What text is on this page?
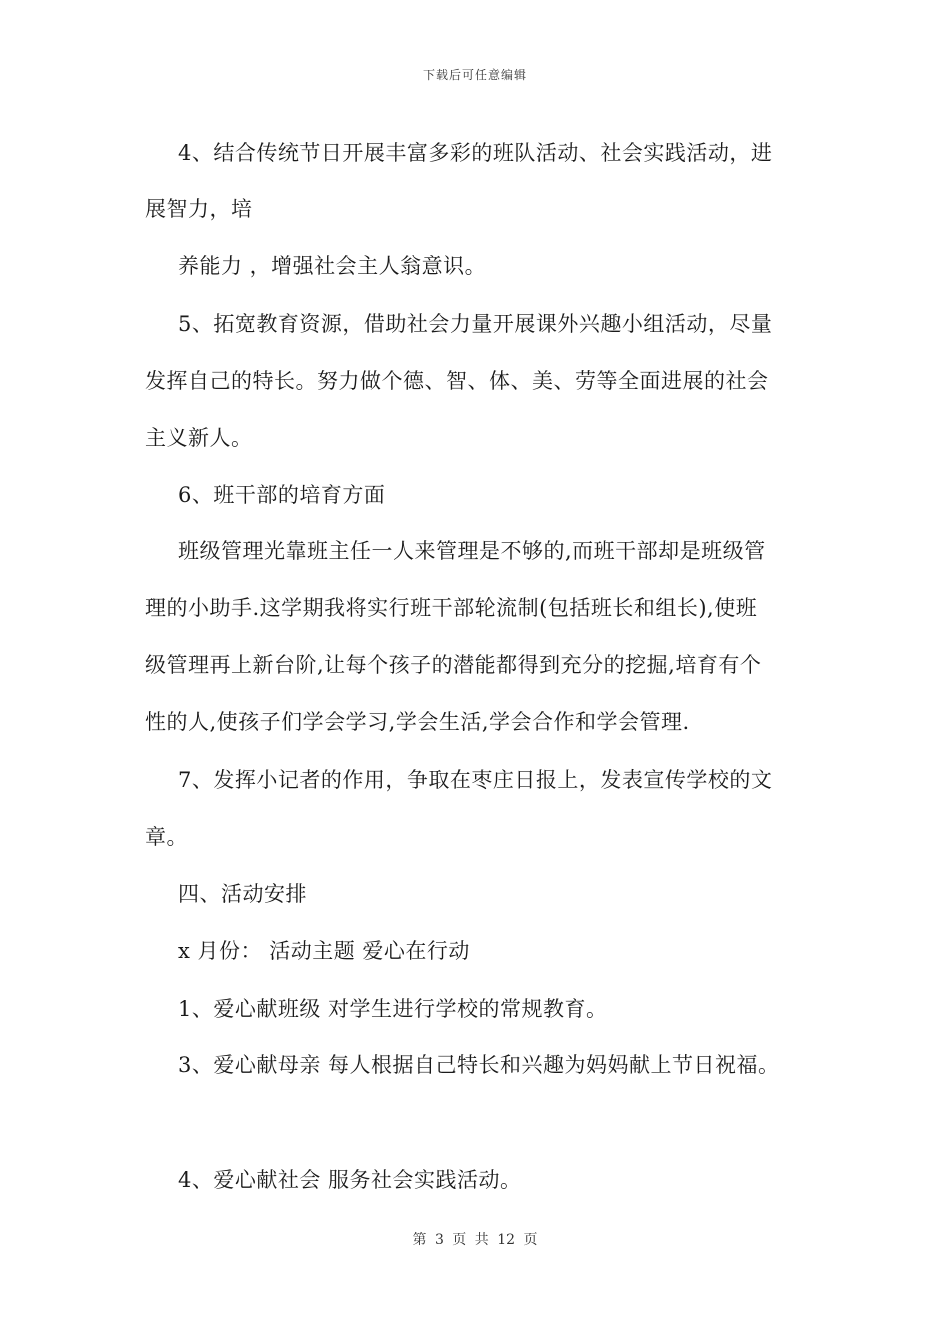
下载后可任意编辑
4、结合传统节日开展丰富多彩的班队活动、社会实践活动，进
展智力，培
养能力 ，增强社会主人翁意识。
5、拓宽教育资源，借助社会力量开展课外兴趣小组活动，尽量
发挥自己的特长。努力做个德、智、体、美、劳等全面进展的社会
主义新人。
6、班干部的培育方面
班级管理光靠班主任一人来管理是不够的,而班干部却是班级管
理的小助手.这学期我将实行班干部轮流制(包括班长和组长),使班
级管理再上新台阶,让每个孩子的潜能都得到充分的挖掘,培育有个
性的人,使孩子们学会学习,学会生活,学会合作和学会管理.
7、发挥小记者的作用，争取在枣庄日报上，发表宣传学校的文
章。
四、活动安排
x 月份： 活动主题 爱心在行动
1、爱心献班级 对学生进行学校的常规教育。
3、爱心献母亲 每人根据自己特长和兴趣为妈妈献上节日祝福。
4、爱心献社会 服务社会实践活动。
第 3 页 共 12 页
